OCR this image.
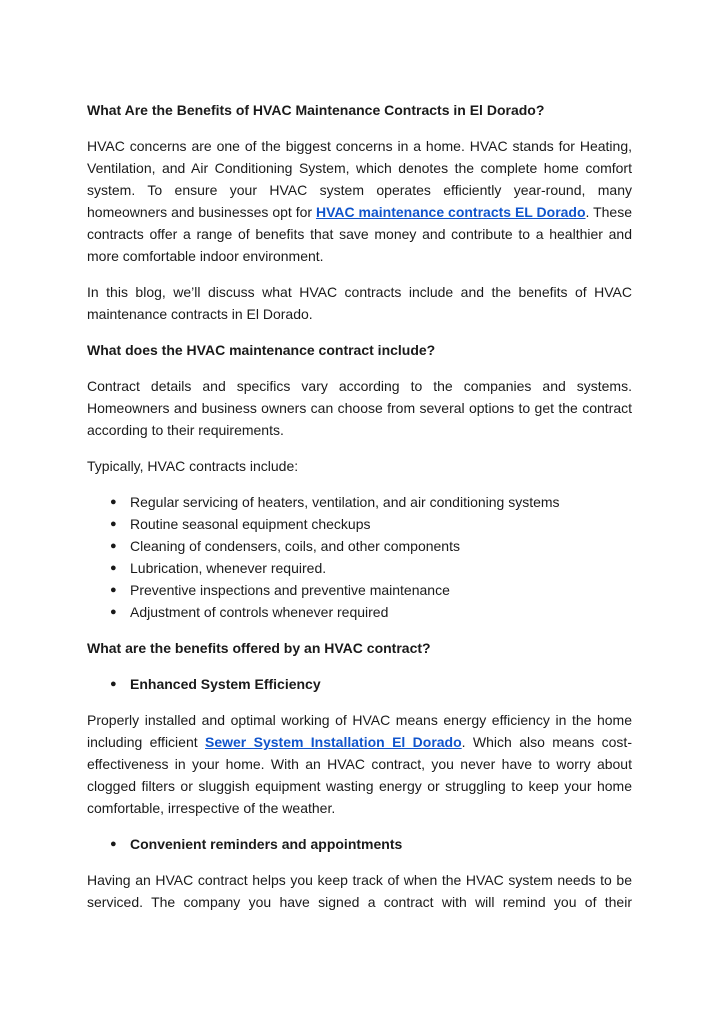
What Are the Benefits of HVAC Maintenance Contracts in El Dorado?

HVAC concerns are one of the biggest concerns in a home. HVAC stands for Heating, Ventilation, and Air Conditioning System, which denotes the complete home comfort system. To ensure your HVAC system operates efficiently year-round, many homeowners and businesses opt for HVAC maintenance contracts EL Dorado. These contracts offer a range of benefits that save money and contribute to a healthier and more comfortable indoor environment.

In this blog, we’ll discuss what HVAC contracts include and the benefits of HVAC maintenance contracts in El Dorado.

What does the HVAC maintenance contract include?

Contract details and specifics vary according to the companies and systems. Homeowners and business owners can choose from several options to get the contract according to their requirements.

Typically, HVAC contracts include:

● Regular servicing of heaters, ventilation, and air conditioning systems
● Routine seasonal equipment checkups
● Cleaning of condensers, coils, and other components
● Lubrication, whenever required.
● Preventive inspections and preventive maintenance
● Adjustment of controls whenever required

What are the benefits offered by an HVAC contract?

● Enhanced System Efficiency

Properly installed and optimal working of HVAC means energy efficiency in the home including efficient Sewer System Installation El Dorado. Which also means cost-effectiveness in your home. With an HVAC contract, you never have to worry about clogged filters or sluggish equipment wasting energy or struggling to keep your home comfortable, irrespective of the weather.

● Convenient reminders and appointments

Having an HVAC contract helps you keep track of when the HVAC system needs to be serviced. The company you have signed a contract with will remind you of their
